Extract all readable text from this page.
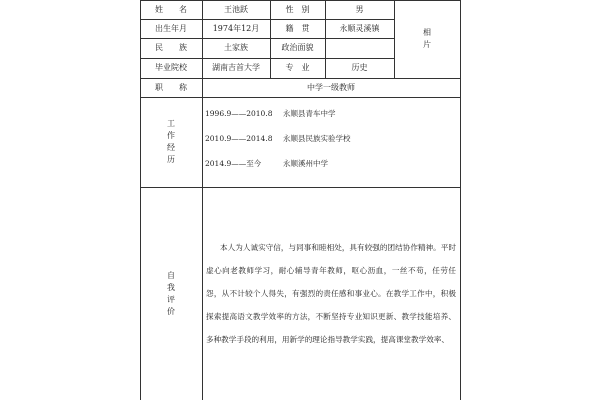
姓　　名	王池跃	性　别	男
出生年月	1974年12月	籍　贯	永顺灵溪镇
民　　族	土家族	政治面貌
毕业院校	湖南吉首大学	专　业	历史
相
片
职　　称	中学一级教师
工
作
经
历
1996.9——2010.8 永顺县青车中学
2010.9——2014.8 永顺县民族实验学校
2014.9——至今	永顺溪州中学
自
我
评
价
本人为人诚实守信，与同事和睦相处，具有较强的团结协作精神。平时虚心向老教师学习，耐心辅导青年教师，呕心沥血，一丝不苟，任劳任怨，从不计较个人得失，有强烈的责任感和事业心。在教学工作中，积极探索提高语文教学效率的方法，不断坚持专业知识更新、教学技能培养、多种教学手段的利用，用新学的理论指导教学实践，提高课堂教学效率、
